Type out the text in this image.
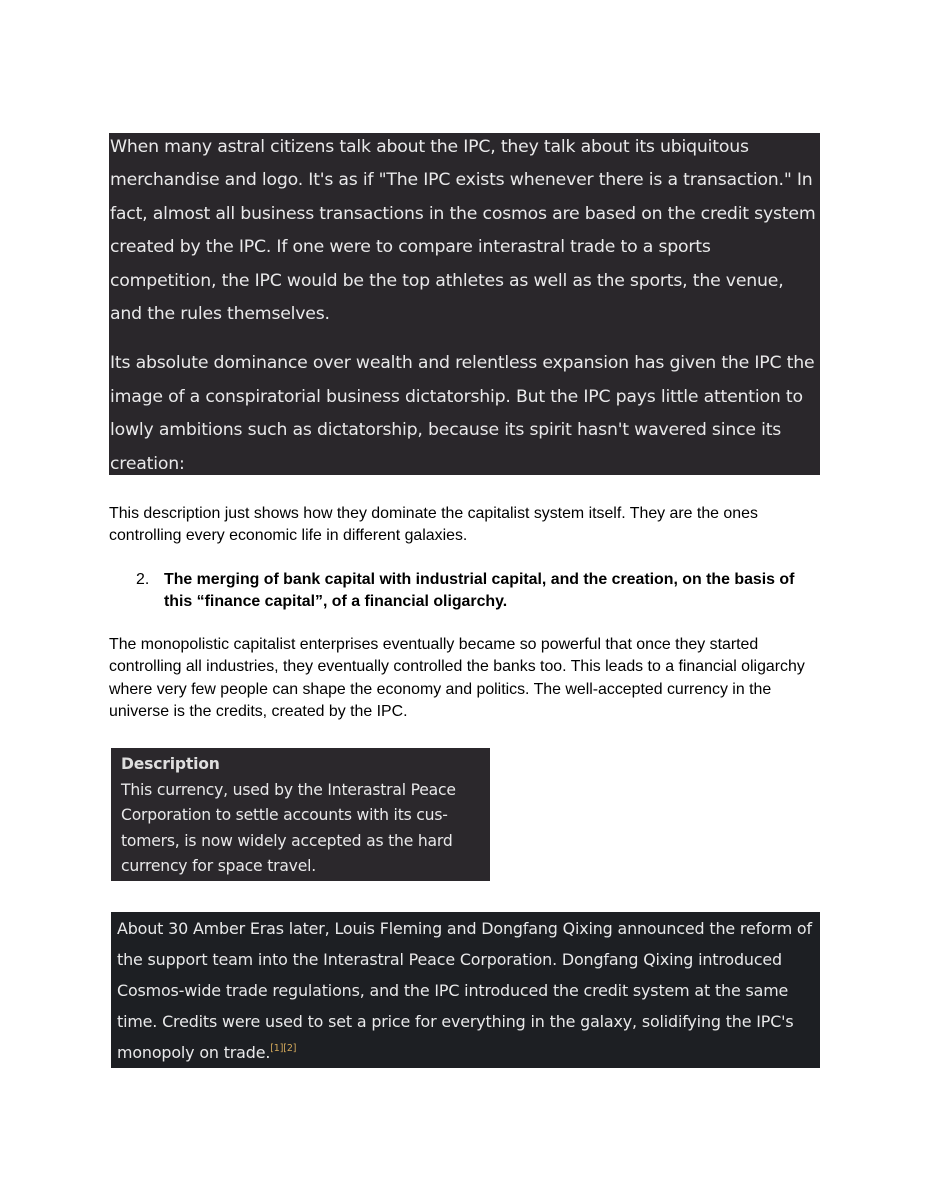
When many astral citizens talk about the IPC, they talk about its ubiquitous merchandise and logo. It's as if "The IPC exists whenever there is a transaction." In fact, almost all business transactions in the cosmos are based on the credit system created by the IPC. If one were to compare interastral trade to a sports competition, the IPC would be the top athletes as well as the sports, the venue, and the rules themselves.

Its absolute dominance over wealth and relentless expansion has given the IPC the image of a conspiratorial business dictatorship. But the IPC pays little attention to lowly ambitions such as dictatorship, because its spirit hasn't wavered since its creation:

This description just shows how they dominate the capitalist system itself. They are the ones controlling every economic life in different galaxies.

2. The merging of bank capital with industrial capital, and the creation, on the basis of this “finance capital”, of a financial oligarchy.

The monopolistic capitalist enterprises eventually became so powerful that once they started controlling all industries, they eventually controlled the banks too. This leads to a financial oligarchy where very few people can shape the economy and politics. The well-accepted currency in the universe is the credits, created by the IPC.

Description
This currency, used by the Interastral Peace Corporation to settle accounts with its cus-tomers, is now widely accepted as the hard currency for space travel.
About 30 Amber Eras later, Louis Fleming and Dongfang Qixing announced the reform of the support team into the Interastral Peace Corporation. Dongfang Qixing introduced Cosmos-wide trade regulations, and the IPC introduced the credit system at the same time. Credits were used to set a price for everything in the galaxy, solidifying the IPC's monopoly on trade.[1][2]
